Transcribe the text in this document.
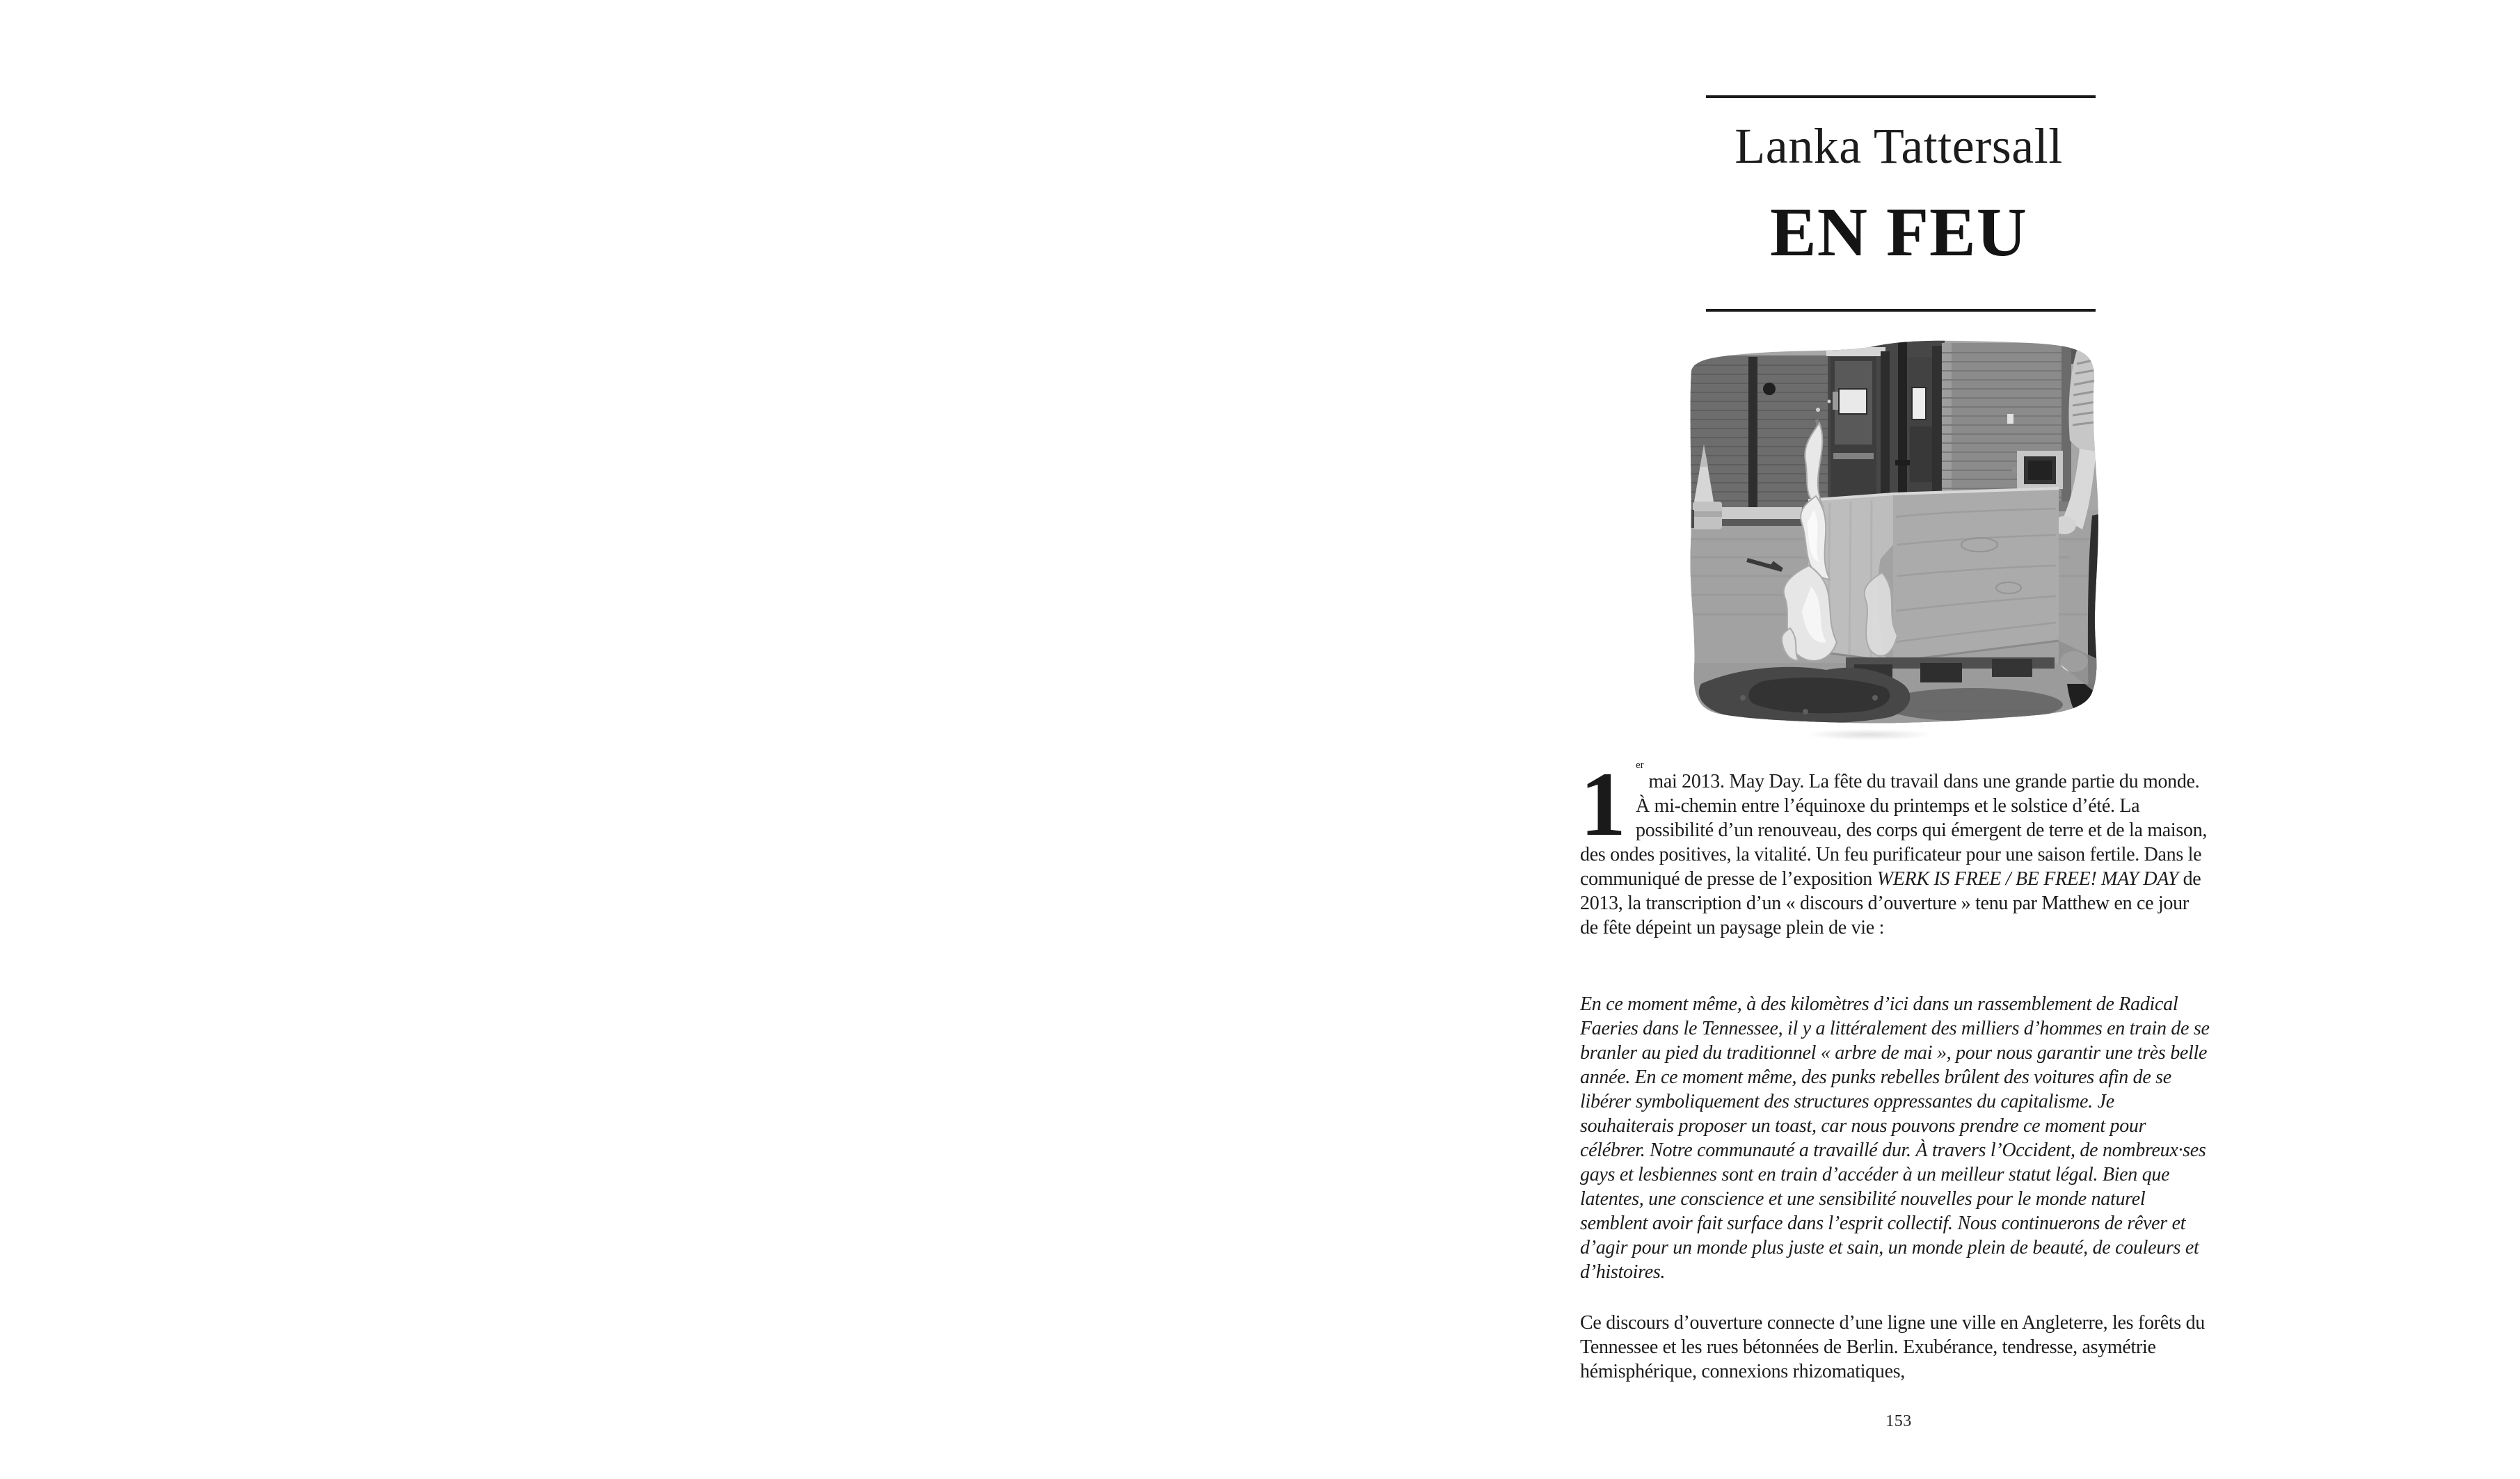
Lanka Tattersall
EN FEU

1 $^{er}$ mai 2013. May Day. La fête du travail dans une grande partie du monde. À mi-chemin entre l’équinoxe du printemps et le solstice d’été. La possibilité d’un renouveau, des corps qui émergent de terre et de la maison, des ondes positives, la vitalité. Un feu purificateur pour une saison fertile. Dans le communiqué de presse de l’exposition WERK IS FREE / BE FREE! MAY DAY de 2013, la transcription d’un « discours d’ouverture » tenu par Matthew en ce jour de fête dépeint un paysage plein de vie :

En ce moment même, à des kilomètres d’ici dans un rassemblement de Radical Faeries dans le Tennessee, il y a littéralement des milliers d’hommes en train de se branler au pied du traditionnel « arbre de mai », pour nous garantir une très belle année. En ce moment même, des punks rebelles brûlent des voitures afin de se libérer symboliquement des structures oppressantes du capitalisme. Je souhaiterais proposer un toast, car nous pouvons prendre ce moment pour célébrer. Notre communauté a travaillé dur. À travers l’Occident, de nombreux·ses gays et lesbiennes sont en train d’accéder à un meilleur statut légal. Bien que latentes, une conscience et une sensibilité nouvelles pour le monde naturel semblent avoir fait surface dans l’esprit collectif. Nous continuerons de rêver et d’agir pour un monde plus juste et sain, un monde plein de beauté, de couleurs et d’histoires.

Ce discours d’ouverture connecte d’une ligne une ville en Angleterre, les forêts du Tennessee et les rues bétonnées de Berlin. Exubérance, tendresse, asymétrie hémisphérique, connexions rhizomatiques,

153
